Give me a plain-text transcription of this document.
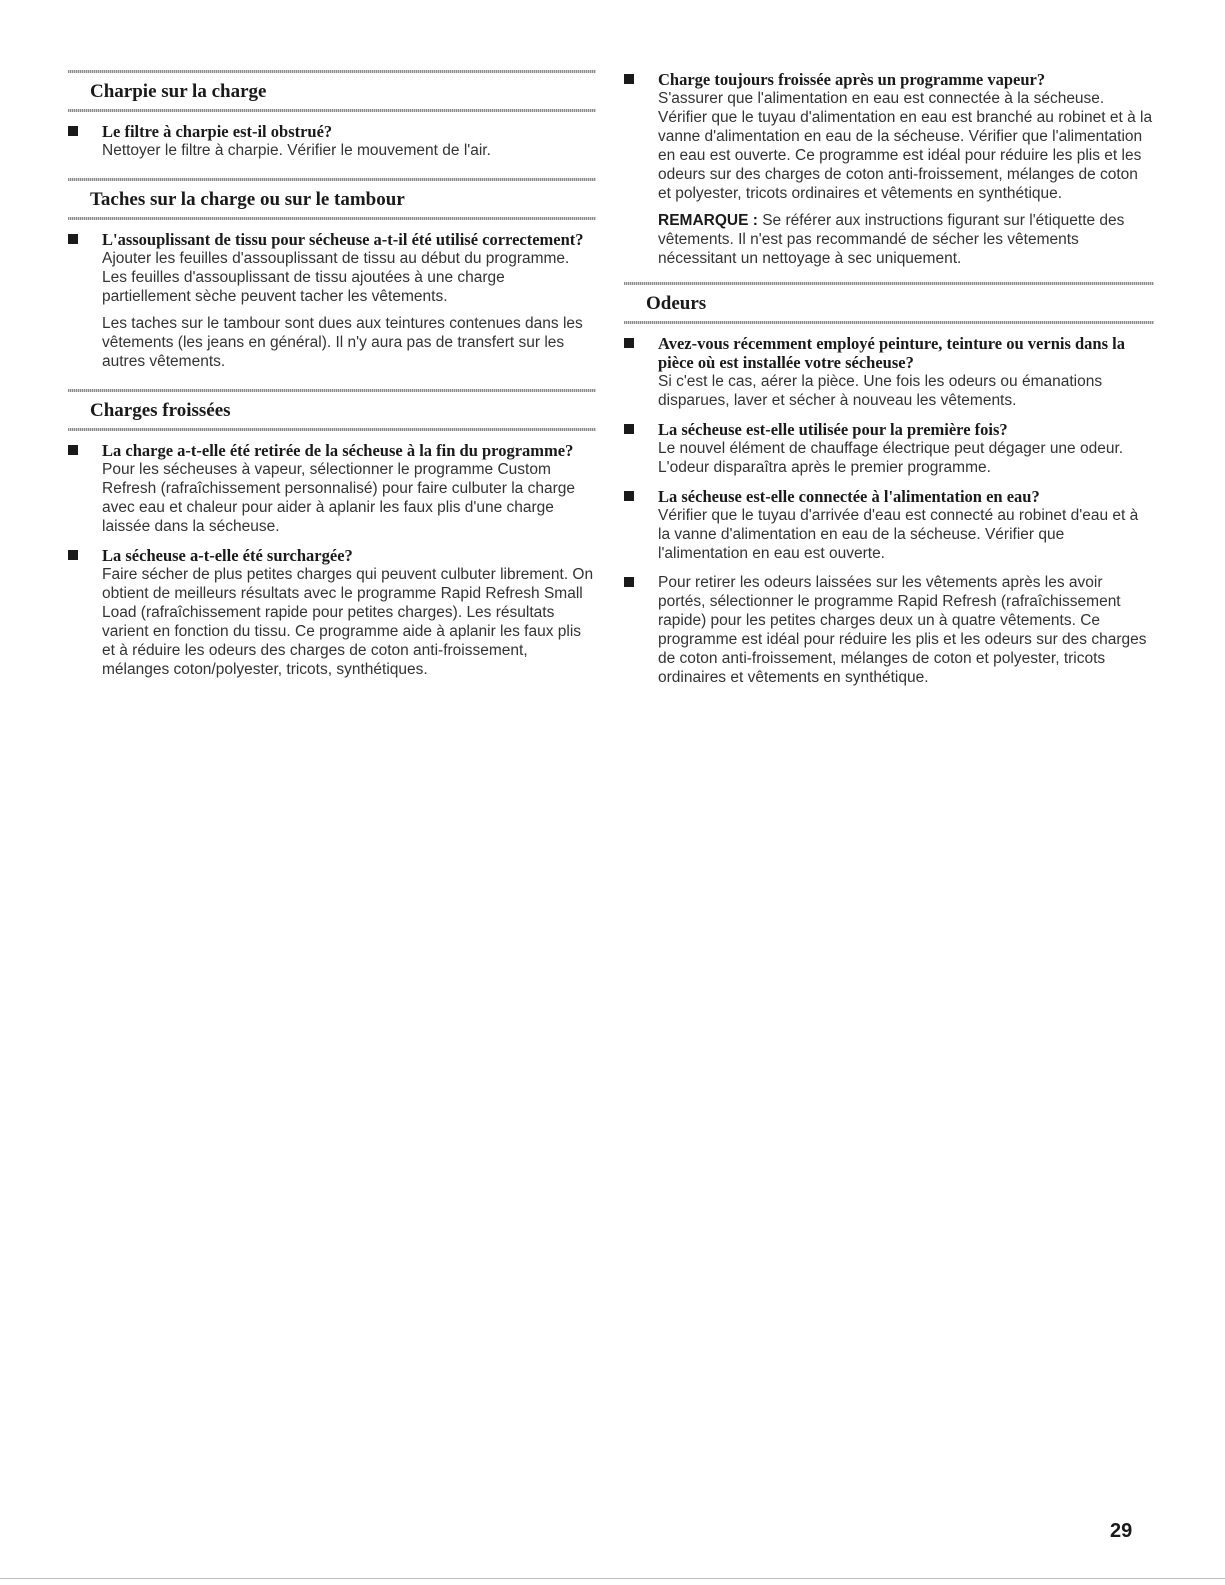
Charpie sur la charge
Le filtre à charpie est-il obstrué?
Nettoyer le filtre à charpie. Vérifier le mouvement de l'air.
Taches sur la charge ou sur le tambour
L'assouplissant de tissu pour sécheuse a-t-il été utilisé correctement?
Ajouter les feuilles d'assouplissant de tissu au début du programme. Les feuilles d'assouplissant de tissu ajoutées à une charge partiellement sèche peuvent tacher les vêtements.
Les taches sur le tambour sont dues aux teintures contenues dans les vêtements (les jeans en général). Il n'y aura pas de transfert sur les autres vêtements.
Charges froissées
La charge a-t-elle été retirée de la sécheuse à la fin du programme?
Pour les sécheuses à vapeur, sélectionner le programme Custom Refresh (rafraîchissement personnalisé) pour faire culbuter la charge avec eau et chaleur pour aider à aplanir les faux plis d'une charge laissée dans la sécheuse.
La sécheuse a-t-elle été surchargée?
Faire sécher de plus petites charges qui peuvent culbuter librement. On obtient de meilleurs résultats avec le programme Rapid Refresh Small Load (rafraîchissement rapide pour petites charges). Les résultats varient en fonction du tissu. Ce programme aide à aplanir les faux plis et à réduire les odeurs des charges de coton anti-froissement, mélanges coton/polyester, tricots, synthétiques.
Charge toujours froissée après un programme vapeur?
S'assurer que l'alimentation en eau est connectée à la sécheuse. Vérifier que le tuyau d'alimentation en eau est branché au robinet et à la vanne d'alimentation en eau de la sécheuse. Vérifier que l'alimentation en eau est ouverte. Ce programme est idéal pour réduire les plis et les odeurs sur des charges de coton anti-froissement, mélanges de coton et polyester, tricots ordinaires et vêtements en synthétique.
REMARQUE : Se référer aux instructions figurant sur l'étiquette des vêtements. Il n'est pas recommandé de sécher les vêtements nécessitant un nettoyage à sec uniquement.
Odeurs
Avez-vous récemment employé peinture, teinture ou vernis dans la pièce où est installée votre sécheuse?
Si c'est le cas, aérer la pièce. Une fois les odeurs ou émanations disparues, laver et sécher à nouveau les vêtements.
La sécheuse est-elle utilisée pour la première fois?
Le nouvel élément de chauffage électrique peut dégager une odeur. L'odeur disparaîtra après le premier programme.
La sécheuse est-elle connectée à l'alimentation en eau?
Vérifier que le tuyau d'arrivée d'eau est connecté au robinet d'eau et à la vanne d'alimentation en eau de la sécheuse. Vérifier que l'alimentation en eau est ouverte.
Pour retirer les odeurs laissées sur les vêtements après les avoir portés, sélectionner le programme Rapid Refresh (rafraîchissement rapide) pour les petites charges deux un à quatre vêtements. Ce programme est idéal pour réduire les plis et les odeurs sur des charges de coton anti-froissement, mélanges de coton et polyester, tricots ordinaires et vêtements en synthétique.
29
